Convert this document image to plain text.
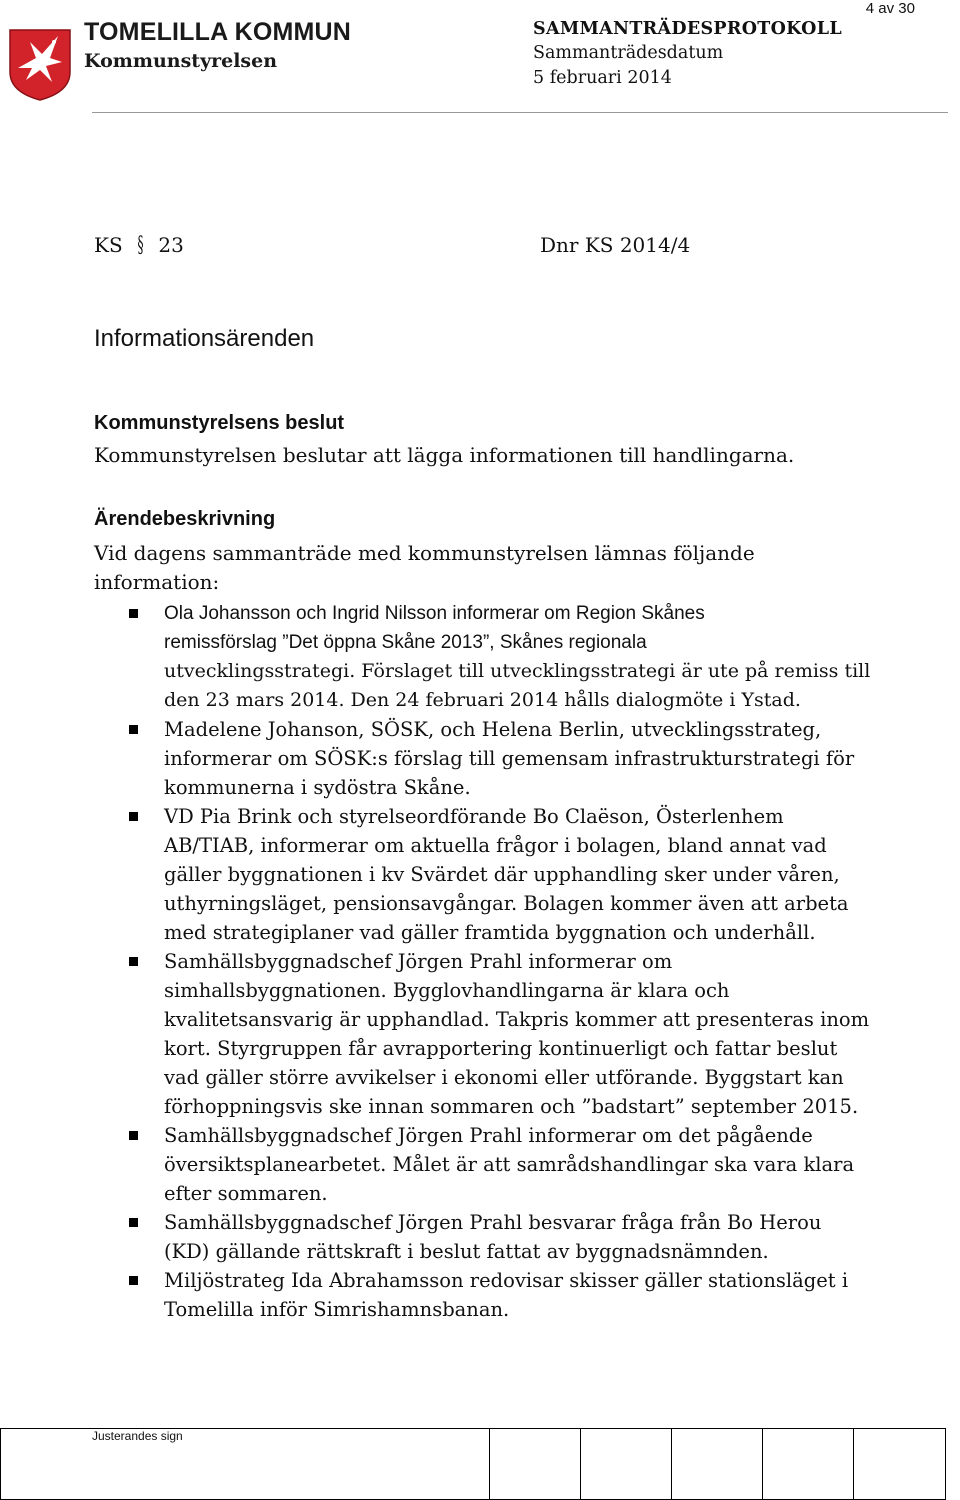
TOMELILLA KOMMUN
Kommunstyrelsen
SAMMANTRÄDESPROTOKOLL
Sammanträdesdatum
5 februari 2014
4 av 30
KS § 23	Dnr KS 2014/4
Informationsärenden
Kommunstyrelsens beslut
Kommunstyrelsen beslutar att lägga informationen till handlingarna.
Ärendebeskrivning
Vid dagens sammanträde med kommunstyrelsen lämnas följande
information:
Ola Johansson och Ingrid Nilsson informerar om Region Skånes
remissförslag ”Det öppna Skåne 2013”, Skånes regionala
utvecklingsstrategi. Förslaget till utvecklingsstrategi är ute på remiss till
den 23 mars 2014. Den 24 februari 2014 hålls dialogmöte i Ystad.
Madelene Johanson, SÖSK, och Helena Berlin, utvecklingsstrateg,
informerar om SÖSK:s förslag till gemensam infrastrukturstrategi för
kommunerna i sydöstra Skåne.
VD Pia Brink och styrelseordförande Bo Claëson, Österlenhem
AB/TIAB, informerar om aktuella frågor i bolagen, bland annat vad
gäller byggnationen i kv Svärdet där upphandling sker under våren,
uthyrningsläget, pensionsavgångar. Bolagen kommer även att arbeta
med strategiplaner vad gäller framtida byggnation och underhåll.
Samhällsbyggnadschef Jörgen Prahl informerar om
simhallsbyggnationen. Bygglovhandlingarna är klara och
kvalitetsansvarig är upphandlad. Takpris kommer att presenteras inom
kort. Styrgruppen får avrapportering kontinuerligt och fattar beslut
vad gäller större avvikelser i ekonomi eller utförande. Byggstart kan
förhoppningsvis ske innan sommaren och ”badstart” september 2015.
Samhällsbyggnadschef Jörgen Prahl informerar om det pågående
översiktsplanearbetet. Målet är att samrådshandlingar ska vara klara
efter sommaren.
Samhällsbyggnadschef Jörgen Prahl besvarar fråga från Bo Herou
(KD) gällande rättskraft i beslut fattat av byggnadsnämnden.
Miljöstrateg Ida Abrahamsson redovisar skisser gäller stationsläget i
Tomelilla inför Simrishamnsbanan.
Justerandes sign
